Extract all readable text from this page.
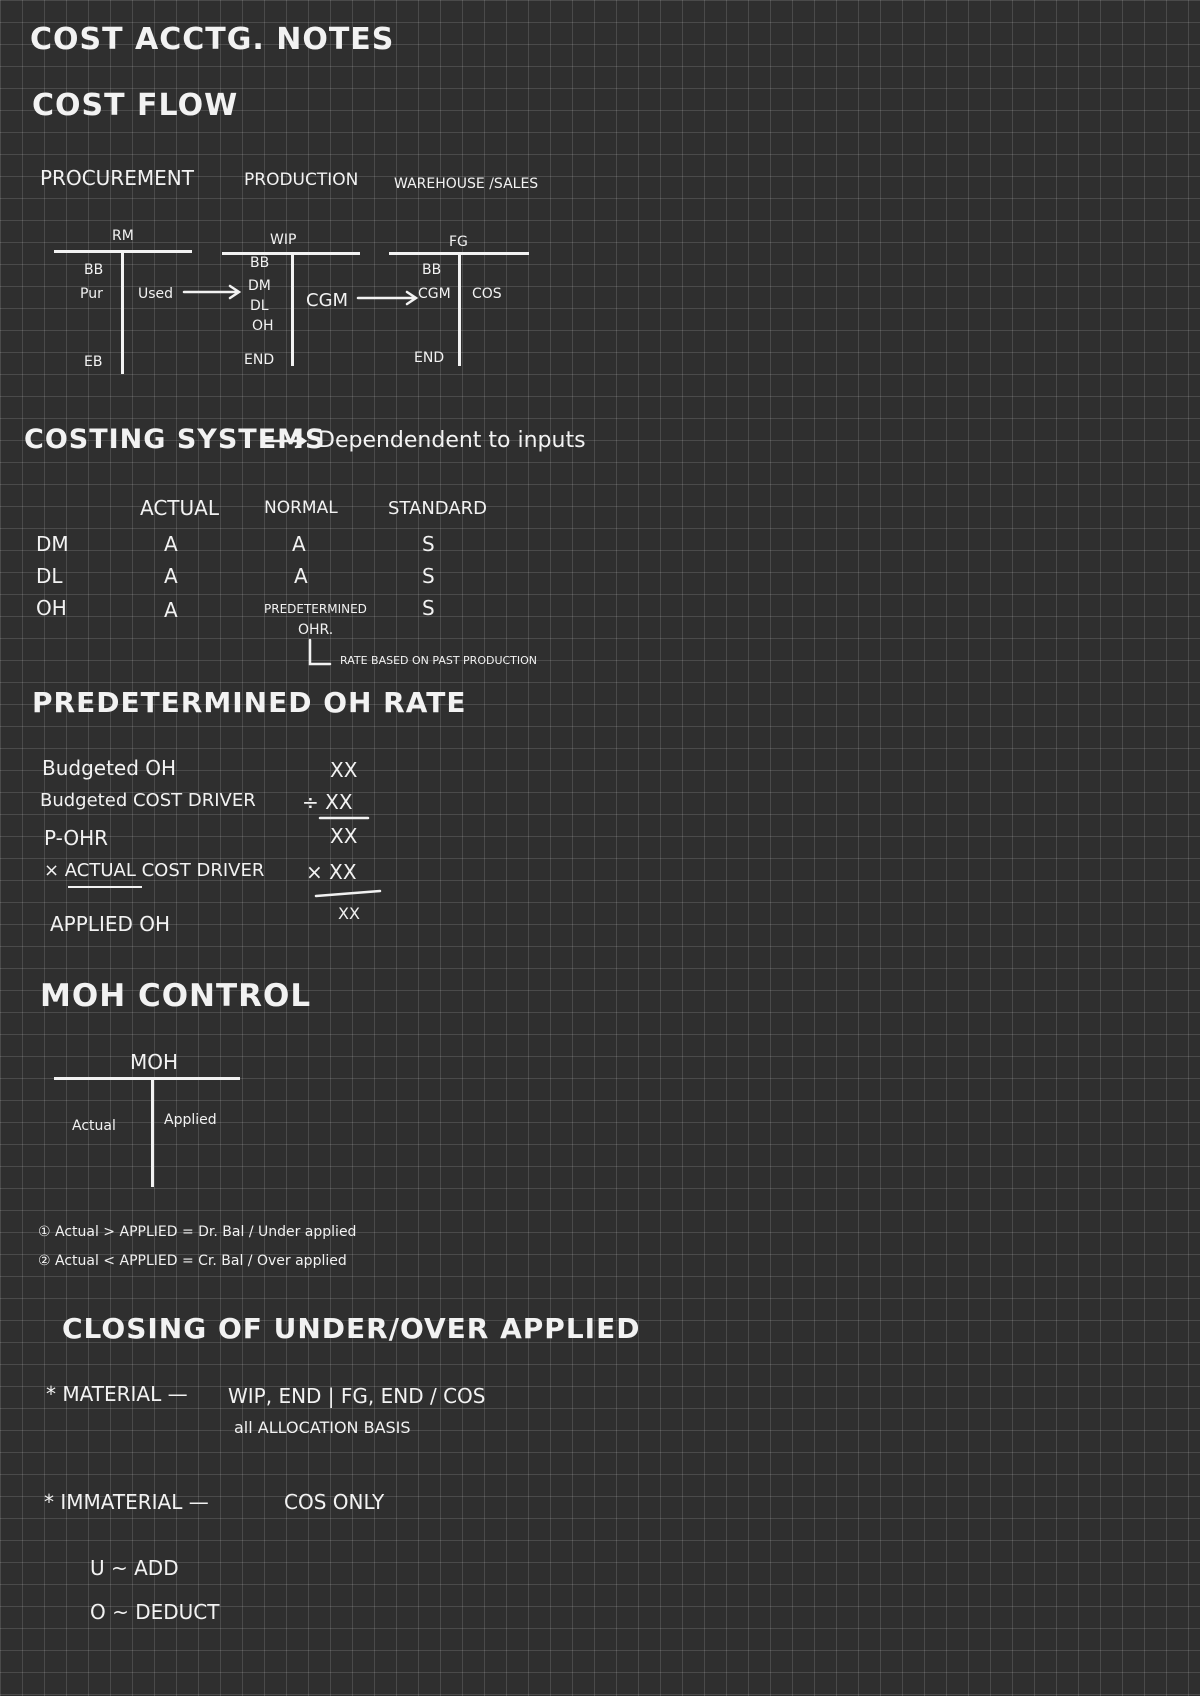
COST ACCTG. NOTES
COST FLOW
PROCUREMENT	PRODUCTION	WAREHOUSE /SALES
RM
BB
Pur	Used
EB
WIP
BB
DM
DL
OH
CGM
END
FG
BB
CGM COS
END
COSTING SYSTEMS
Dependendent to inputs
ACTUAL	NORMAL	STANDARD
DM	A	A	S
DL	A	A	S
OH	A	PREDETERMINED	S
OHR.
RATE BASED ON PAST PRODUCTION
PREDETERMINED OH RATE
Budgeted OH	XX
Budgeted COST DRIVER ÷ XX
P-OHR	XX
× ACTUAL COST DRIVER × XX
APPLIED OH	XX
MOH CONTROL
MOH
Actual	Applied
① Actual > APPLIED = Dr. Bal / Under applied
② Actual < APPLIED = Cr. Bal / Over applied
CLOSING OF UNDER/OVER APPLIED
* MATERIAL — WIP, END | FG, END / COS
all ALLOCATION BASIS
* IMMATERIAL —	COS ONLY
U ~ ADD
O ~ DEDUCT
